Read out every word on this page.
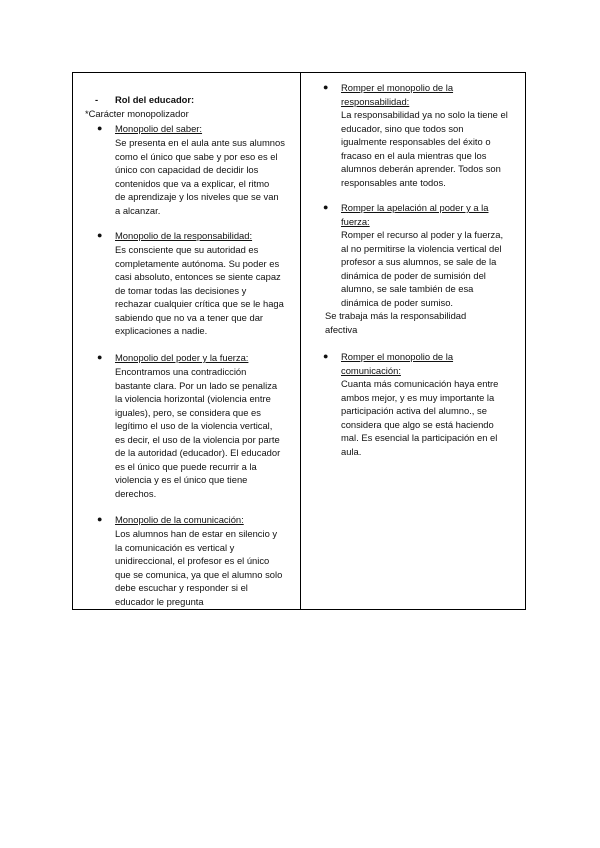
- Rol del educador:
*Carácter monopolizador
● Monopolio del saber:
Se presenta en el aula ante sus alumnos
como el único que sabe y por eso es el
único con capacidad de decidir los
contenidos que va a explicar, el ritmo
de aprendizaje y los niveles que se van
a alcanzar.
● Monopolio de la responsabilidad:
Es consciente que su autoridad es
completamente autónoma. Su poder es
casi absoluto, entonces se siente capaz
de tomar todas las decisiones y
rechazar cualquier crítica que se le haga
sabiendo que no va a tener que dar
explicaciones a nadie.
● Monopolio del poder y la fuerza:
Encontramos una contradicción
bastante clara. Por un lado se penaliza
la violencia horizontal (violencia entre
iguales), pero, se considera que es
legítimo el uso de la violencia vertical,
es decir, el uso de la violencia por parte
de la autoridad (educador). El educador
es el único que puede recurrir a la
violencia y es el único que tiene
derechos.
● Monopolio de la comunicación:
Los alumnos han de estar en silencio y
la comunicación es vertical y
unidireccional, el profesor es el único
que se comunica, ya que el alumno solo
debe escuchar y responder si el
educador le pregunta
● Romper el monopolio de la
responsabilidad:
La responsabilidad ya no solo la tiene el
educador, sino que todos son
igualmente responsables del éxito o
fracaso en el aula mientras que los
alumnos deberán aprender. Todos son
responsables ante todos.
● Romper la apelación al poder y a la
fuerza:
Romper el recurso al poder y la fuerza,
al no permitirse la violencia vertical del
profesor a sus alumnos, se sale de la
dinámica de poder de sumisión del
alumno, se sale también de esa
dinámica de poder sumiso.
Se trabaja más la responsabilidad
afectiva
● Romper el monopolio de la
comunicación:
Cuanta más comunicación haya entre
ambos mejor, y es muy importante la
participación activa del alumno., se
considera que algo se está haciendo
mal. Es esencial la participación en el
aula.
